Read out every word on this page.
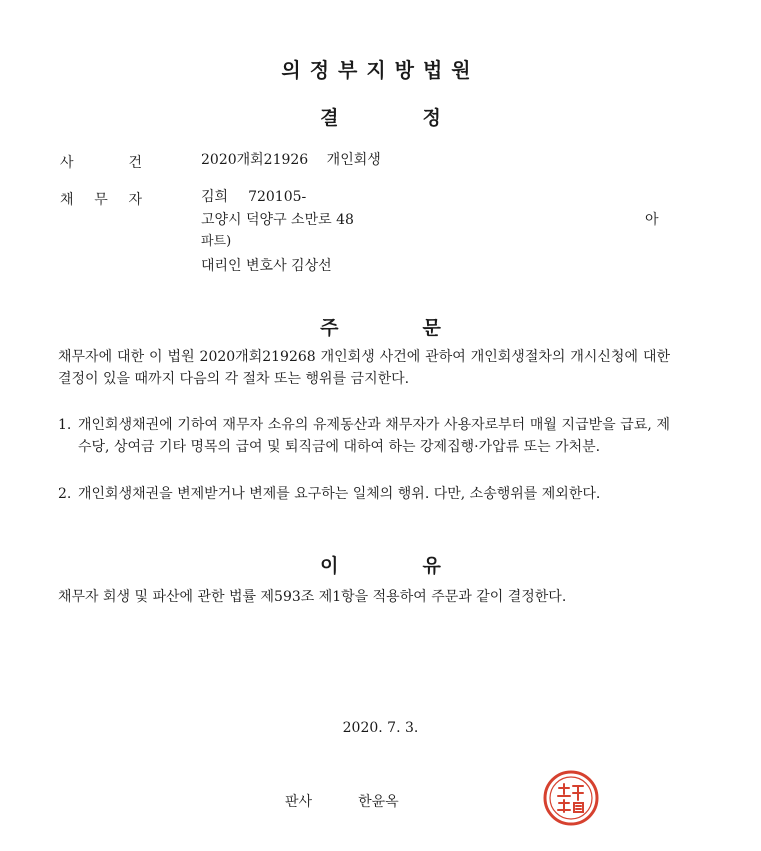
의정부지방법원
결	정
사	건	2020개회21926 개인회생
채 무 자	김희 720105-
고양시 덕양구 소만로 48	아
파트)
대리인 변호사 김상선
주	문

채무자에 대한 이 법원 2020개회219268 개인회생 사건에 관하여 개인회생절차의 개시신청에 대한 결정이 있을 때까지 다음의 각 절차 또는 행위를 금지한다.

1. 개인회생채권에 기하여 재무자 소유의 유제동산과 채무자가 사용자로부터 매월 지급받을 급료, 제수당, 상여금 기타 명목의 급여 및 퇴직금에 대하여 하는 강제집행·가압류 또는 가처분.
2. 개인회생채권을 변제받거나 변제를 요구하는 일체의 행위. 다만, 소송행위를 제외한다.
이	유

채무자 회생 및 파산에 관한 법률 제593조 제1항을 적용하여 주문과 같이 결정한다.

2020. 7. 3.
판사	한윤옥
